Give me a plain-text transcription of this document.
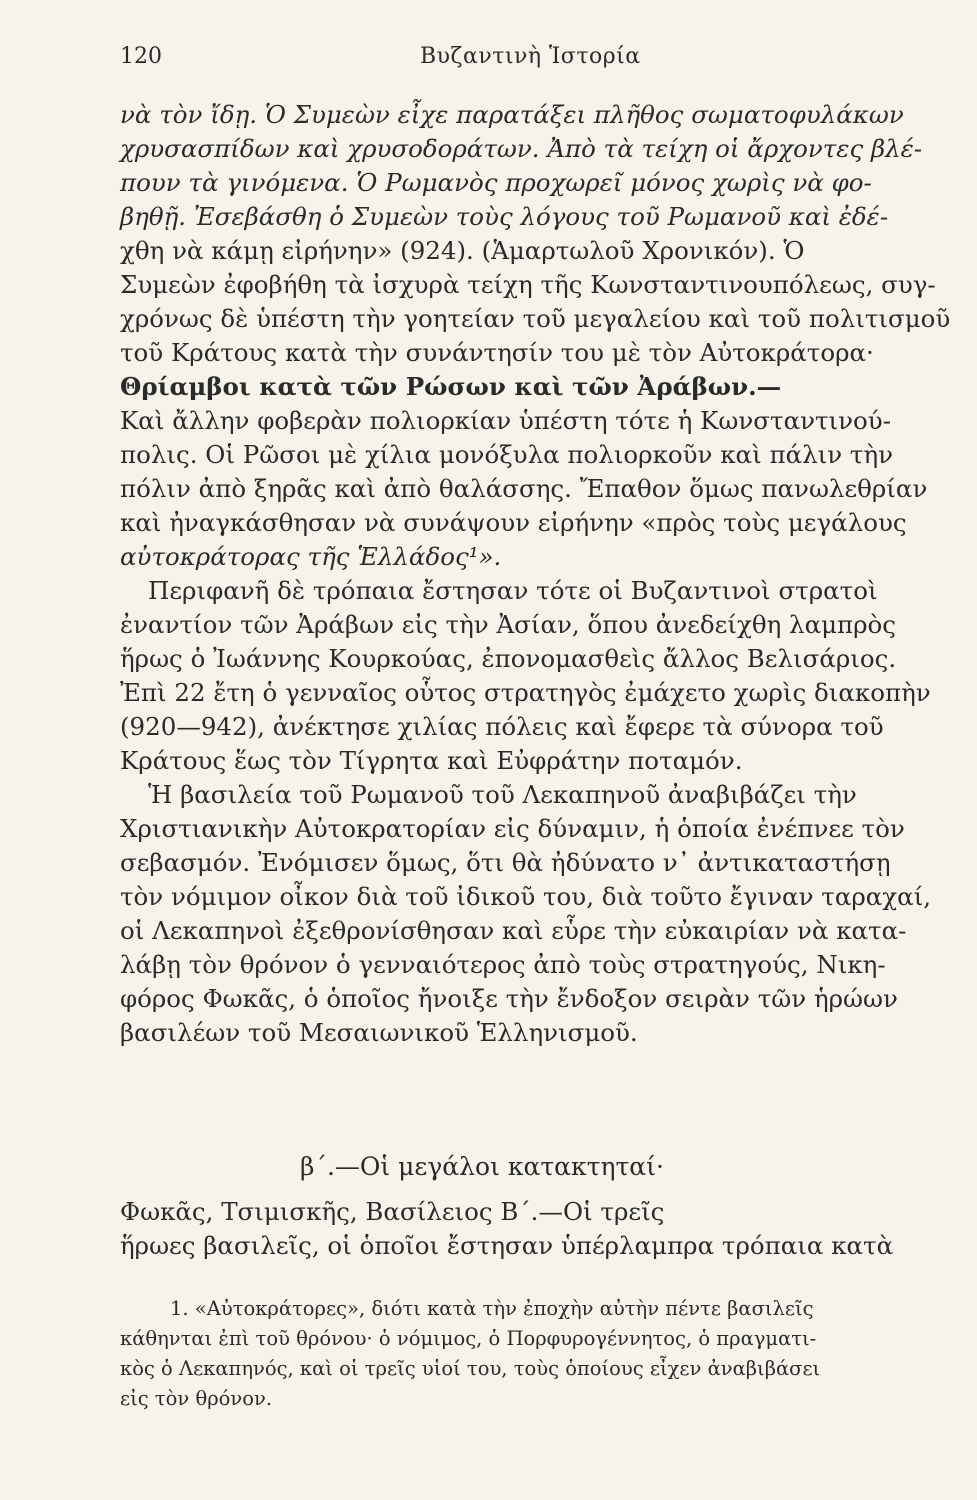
120	Βυζαντινὴ Ἱστορία
νὰ τὸν ἴδῃ. Ὁ Συμεὼν εἶχε παρατάξει πλῆθος σωματοφυλάκων
χρυσασπίδων καὶ χρυσοδοράτων. Ἀπὸ τὰ τείχη οἱ ἄρχοντες βλέ-
πουν τὰ γινόμενα. Ὁ Ρωμανὸς προχωρεῖ μόνος χωρὶς νὰ φο-
βηθῇ. Ἐσεβάσθη ὁ Συμεὼν τοὺς λόγους τοῦ Ρωμανοῦ καὶ ἐδέ-
χθη νὰ κάμῃ εἰρήνην» (924). (Ἁμαρτωλοῦ Χρονικόν). Ὁ
Συμεὼν ἐφοβήθη τὰ ἰσχυρὰ τείχη τῆς Κωνσταντινουπόλεως, συγ-
χρόνως δὲ ὑπέστη τὴν γοητείαν τοῦ μεγαλείου καὶ τοῦ πολιτισμοῦ
τοῦ Κράτους κατὰ τὴν συνάντησίν του μὲ τὸν Αὐτοκράτορα·
Θρίαμβοι κατὰ τῶν Ρώσων καὶ τῶν Ἀράβων.—
Καὶ ἄλλην φοβερὰν πολιορκίαν ὑπέστη τότε ἡ Κωνσταντινού-
πολις. Οἱ Ρῶσοι μὲ χίλια μονόξυλα πολιορκοῦν καὶ πάλιν τὴν
πόλιν ἀπὸ ξηρᾶς καὶ ἀπὸ θαλάσσης. Ἔπαθον ὅμως πανωλεθρίαν
καὶ ἠναγκάσθησαν νὰ συνάψουν εἰρήνην «πρὸς τοὺς μεγάλους
αὐτοκράτορας τῆς Ἑλλάδος¹».
Περιφανῆ δὲ τρόπαια ἔστησαν τότε οἱ Βυζαντινοὶ στρατοὶ
ἐναντίον τῶν Ἀράβων εἰς τὴν Ἀσίαν, ὅπου ἀνεδείχθη λαμπρὸς
ἥρως ὁ Ἰωάννης Κουρκούας, ἐπονομασθεὶς ἄλλος Βελισάριος.
Ἐπὶ 22 ἔτη ὁ γενναῖος οὗτος στρατηγὸς ἐμάχετο χωρὶς διακοπὴν
(920—942), ἀνέκτησε χιλίας πόλεις καὶ ἔφερε τὰ σύνορα τοῦ
Κράτους ἕως τὸν Τίγρητα καὶ Εὐφράτην ποταμόν.
Ἡ βασιλεία τοῦ Ρωμανοῦ τοῦ Λεκαπηνοῦ ἀναβιβάζει τὴν
Χριστιανικὴν Αὐτοκρατορίαν εἰς δύναμιν, ἡ ὁποία ἐνέπνεε τὸν
σεβασμόν. Ἐνόμισεν ὅμως, ὅτι θὰ ἠδύνατο ν᾽ ἀντικαταστήσῃ
τὸν νόμιμον οἶκον διὰ τοῦ ἰδικοῦ του, διὰ τοῦτο ἔγιναν ταραχαί,
οἱ Λεκαπηνοὶ ἐξεθρονίσθησαν καὶ εὗρε τὴν εὐκαιρίαν νὰ κατα-
λάβῃ τὸν θρόνον ὁ γενναιότερος ἀπὸ τοὺς στρατηγούς, Νικη-
φόρος Φωκᾶς, ὁ ὁποῖος ἤνοιξε τὴν ἔνδοξον σειρὰν τῶν ἡρώων
βασιλέων τοῦ Μεσαιωνικοῦ Ἑλληνισμοῦ.
β΄.—Οἱ μεγάλοι κατακτηταί·
Φωκᾶς, Τσιμισκῆς, Βασίλειος Β΄.—Οἱ τρεῖς
ἥρωες βασιλεῖς, οἱ ὁποῖοι ἔστησαν ὑπέρλαμπρα τρόπαια κατὰ
1. «Αὐτοκράτορες», διότι κατὰ τὴν ἐποχὴν αὐτὴν πέντε βασιλεῖς
κάθηνται ἐπὶ τοῦ θρόνου· ὁ νόμιμος, ὁ Πορφυρογέννητος, ὁ πραγματι-
κὸς ὁ Λεκαπηνός, καὶ οἱ τρεῖς υἱοί του, τοὺς ὁποίους εἶχεν ἀναβιβάσει
εἰς τὸν θρόνον.
